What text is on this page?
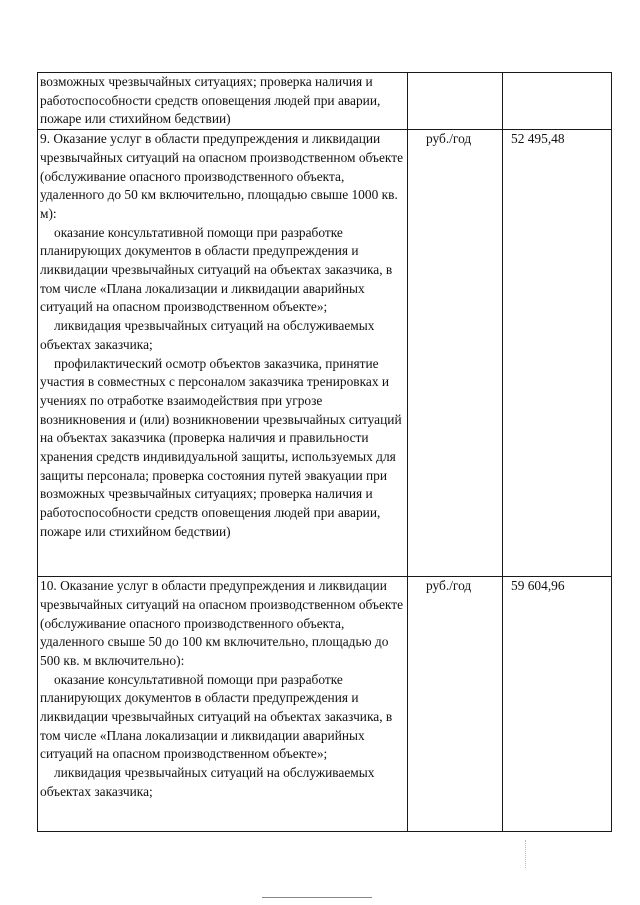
возможных чрезвычайных ситуациях; проверка наличия и работоспособности средств оповещения людей при аварии, пожаре или стихийном бедствии)		

9. Оказание услуг в области предупреждения и ликвидации чрезвычайных ситуаций на опасном производственном объекте (обслуживание опасного производственного объекта, удаленного до 50 км включительно, площадью свыше 1000 кв. м):
оказание консультативной помощи при разработке планирующих документов в области предупреждения и ликвидации чрезвычайных ситуаций на объектах заказчика, в том числе «Плана локализации и ликвидации аварийных ситуаций на опасном производственном объекте»;
ликвидация чрезвычайных ситуаций на обслуживаемых объектах заказчика;
профилактический осмотр объектов заказчика, принятие участия в совместных с персоналом заказчика тренировках и учениях по отработке взаимодействия при угрозе возникновения и (или) возникновении чрезвычайных ситуаций на объектах заказчика (проверка наличия и правильности хранения средств индивидуальной защиты, используемых для защиты персонала; проверка состояния путей эвакуации при возможных чрезвычайных ситуациях; проверка наличия и работоспособности средств оповещения людей при аварии, пожаре или стихийном бедствии)	руб./год	52 495,48

10. Оказание услуг в области предупреждения и ликвидации чрезвычайных ситуаций на опасном производственном объекте (обслуживание опасного производственного объекта, удаленного свыше 50 до 100 км включительно, площадью до 500 кв. м включительно):
оказание консультативной помощи при разработке планирующих документов в области предупреждения и ликвидации чрезвычайных ситуаций на объектах заказчика, в том числе «Плана локализации и ликвидации аварийных ситуаций на опасном производственном объекте»;
ликвидация чрезвычайных ситуаций на обслуживаемых объектах заказчика;	руб./год	59 604,96
